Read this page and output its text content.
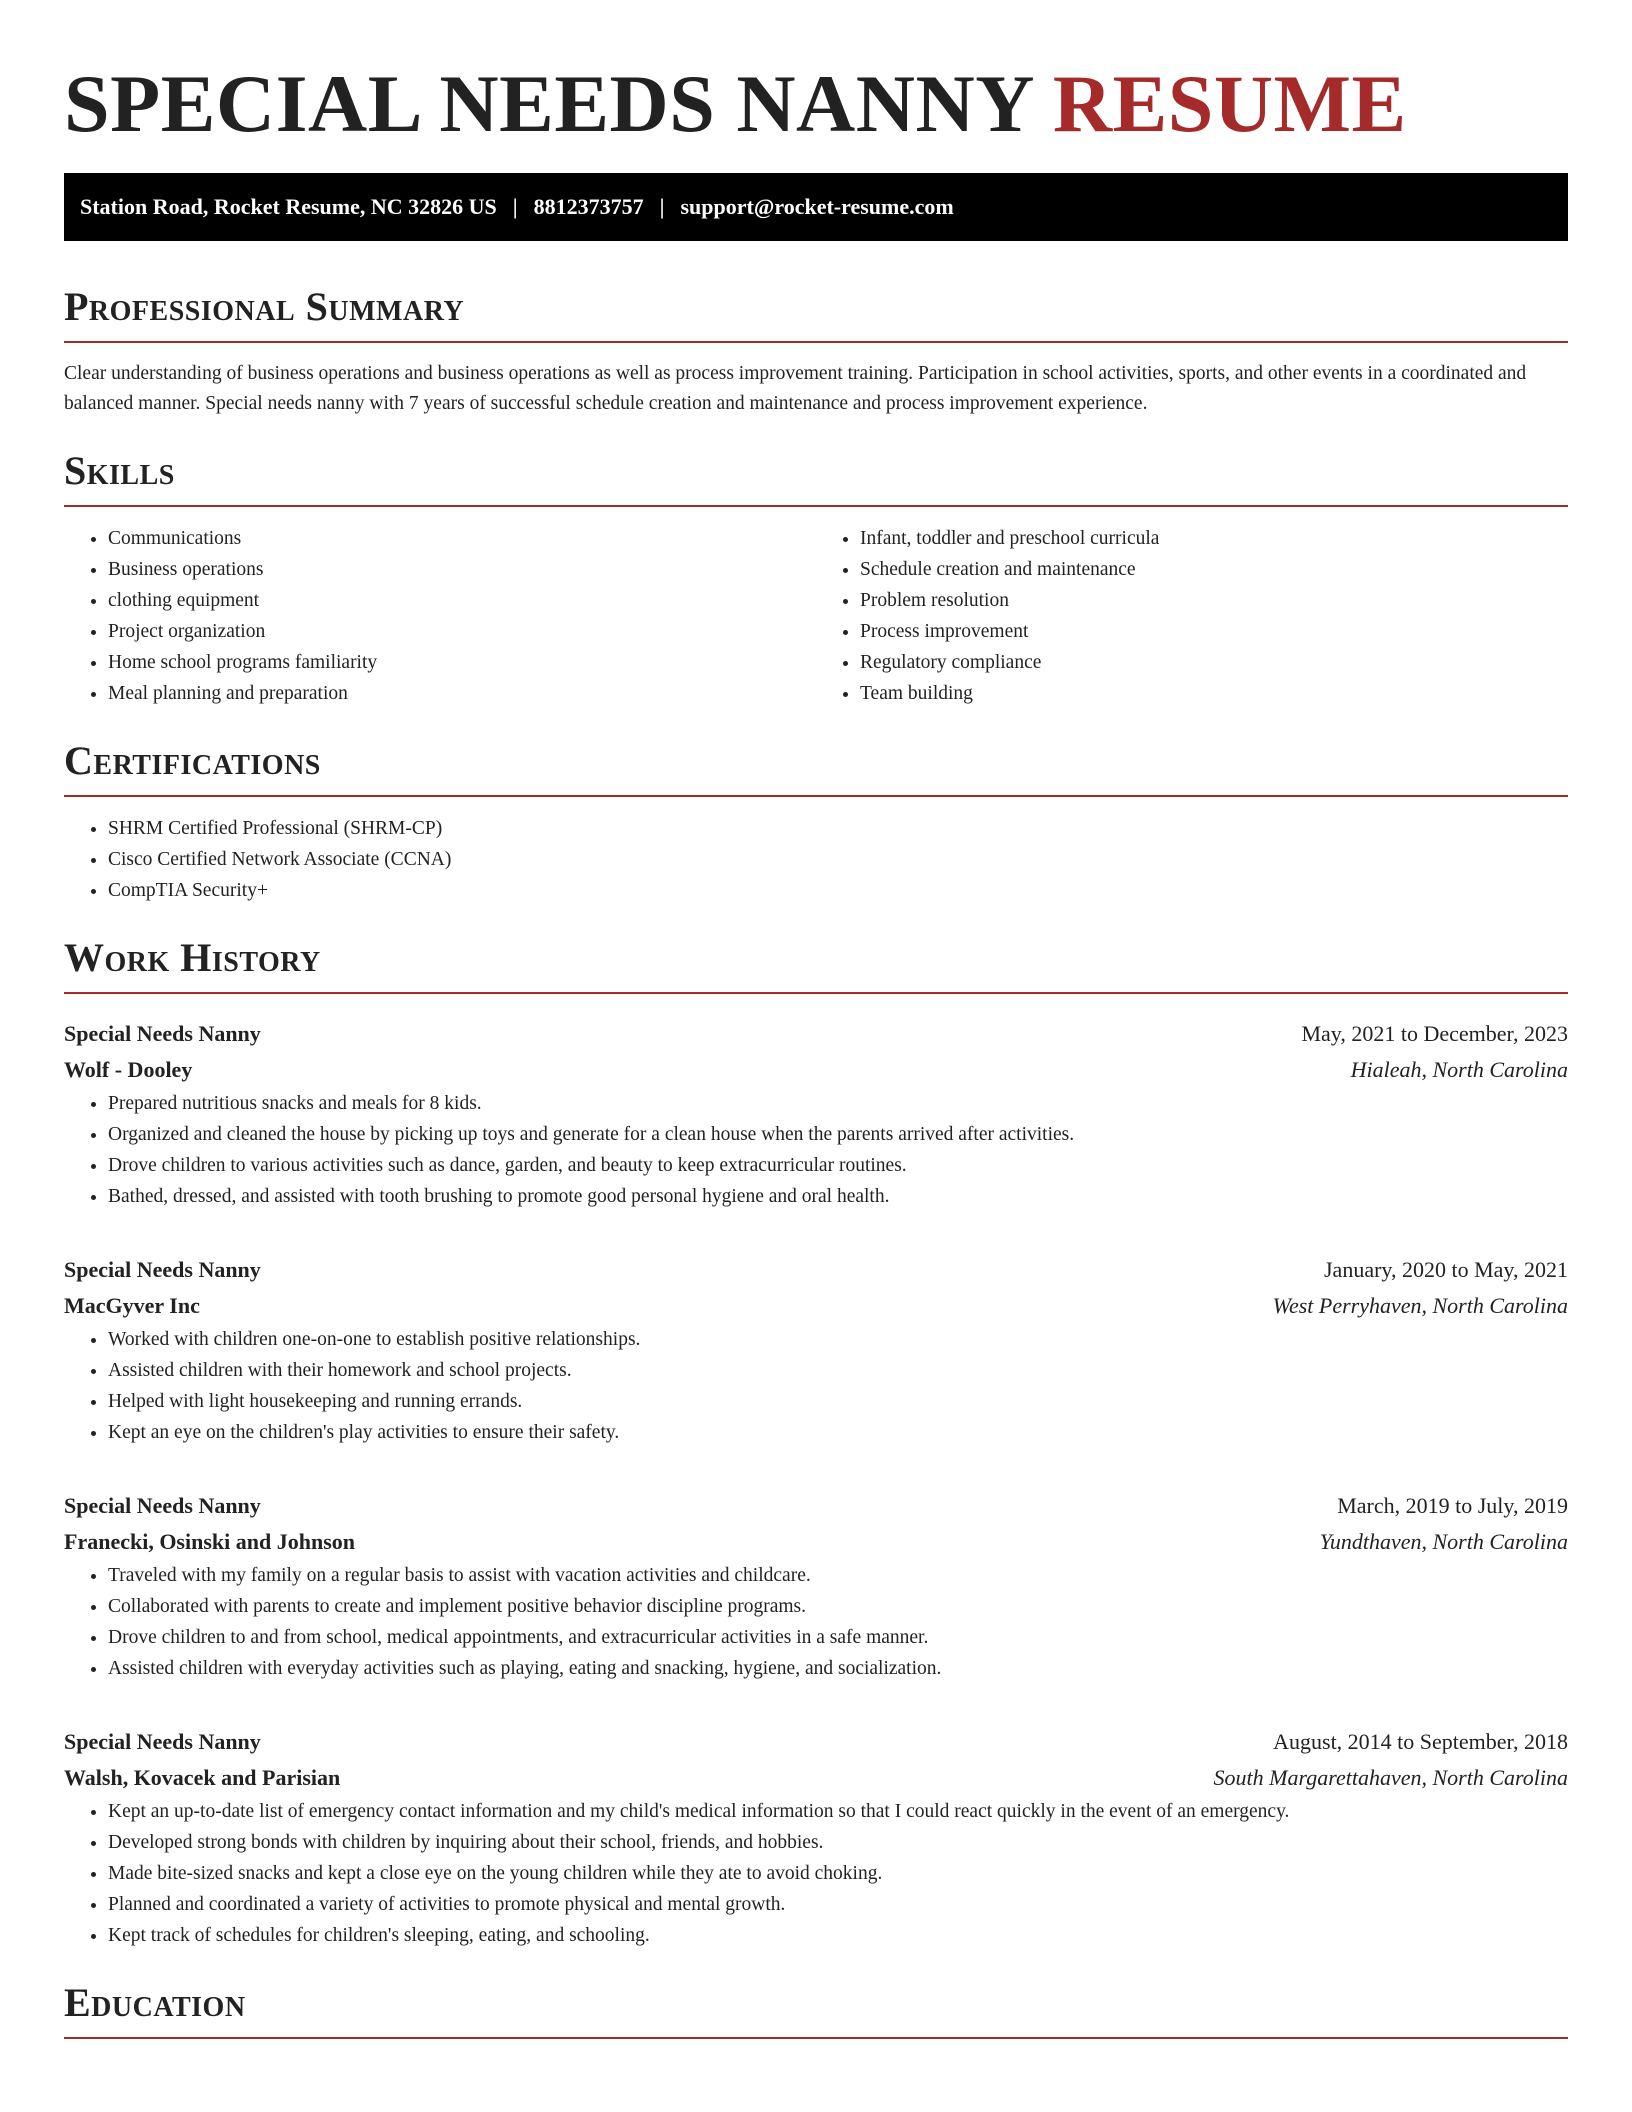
SPECIAL NEEDS NANNY RESUME
Station Road, Rocket Resume, NC 32826 US | 8812373757 | support@rocket-resume.com
Professional Summary

Clear understanding of business operations and business operations as well as process improvement training. Participation in school activities, sports, and other events in a coordinated and balanced manner. Special needs nanny with 7 years of successful schedule creation and maintenance and process improvement experience.

Skills
• Communications
• Business operations
• clothing equipment
• Project organization
• Home school programs familiarity
• Meal planning and preparation
• Infant, toddler and preschool curricula
• Schedule creation and maintenance
• Problem resolution
• Process improvement
• Regulatory compliance
• Team building
Certifications
• SHRM Certified Professional (SHRM-CP)
• Cisco Certified Network Associate (CCNA)
• CompTIA Security+
Work History
Special Needs Nanny	May, 2021 to December, 2023
Wolf - Dooley	Hialeah, North Carolina
• Prepared nutritious snacks and meals for 8 kids.
• Organized and cleaned the house by picking up toys and generate for a clean house when the parents arrived after activities.
• Drove children to various activities such as dance, garden, and beauty to keep extracurricular routines.
• Bathed, dressed, and assisted with tooth brushing to promote good personal hygiene and oral health.
Special Needs Nanny	January, 2020 to May, 2021
MacGyver Inc	West Perryhaven, North Carolina
• Worked with children one-on-one to establish positive relationships.
• Assisted children with their homework and school projects.
• Helped with light housekeeping and running errands.
• Kept an eye on the children's play activities to ensure their safety.
Special Needs Nanny	March, 2019 to July, 2019
Franecki, Osinski and Johnson	Yundthaven, North Carolina
• Traveled with my family on a regular basis to assist with vacation activities and childcare.
• Collaborated with parents to create and implement positive behavior discipline programs.
• Drove children to and from school, medical appointments, and extracurricular activities in a safe manner.
• Assisted children with everyday activities such as playing, eating and snacking, hygiene, and socialization.
Special Needs Nanny	August, 2014 to September, 2018
Walsh, Kovacek and Parisian	South Margarettahaven, North Carolina
• Kept an up-to-date list of emergency contact information and my child's medical information so that I could react quickly in the event of an emergency.
• Developed strong bonds with children by inquiring about their school, friends, and hobbies.
• Made bite-sized snacks and kept a close eye on the young children while they ate to avoid choking.
• Planned and coordinated a variety of activities to promote physical and mental growth.
• Kept track of schedules for children's sleeping, eating, and schooling.
Education
